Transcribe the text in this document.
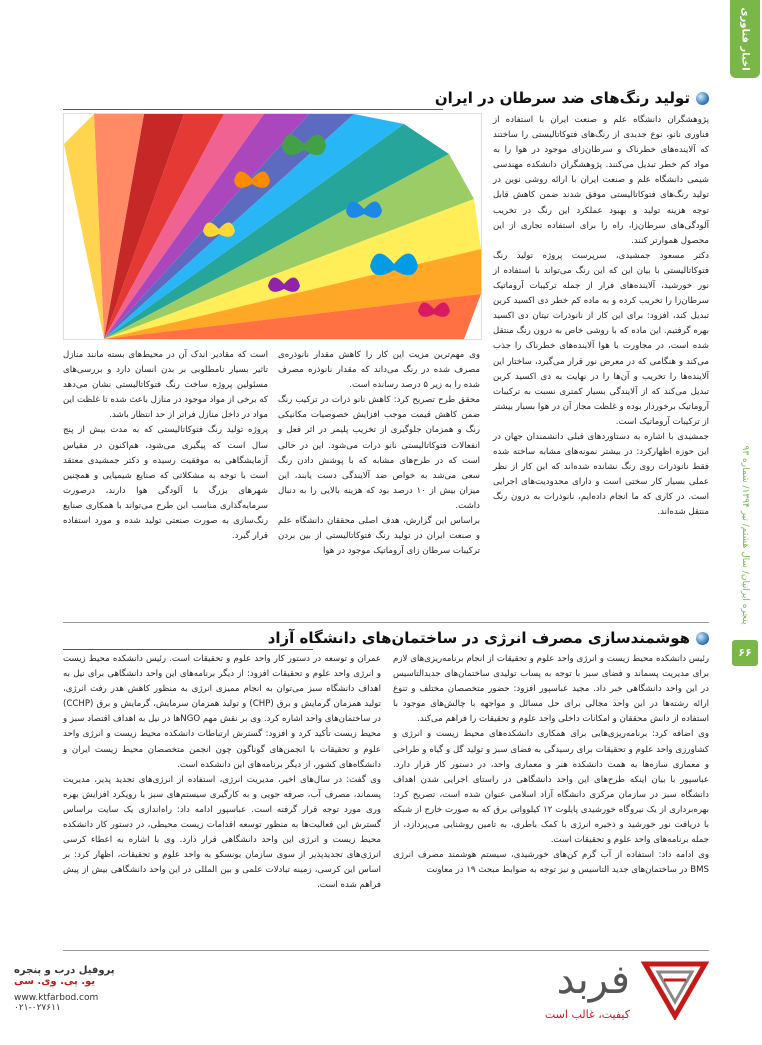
اخبار فناوری
پنجره ایرانیان/ سال هشتم/ تیر ۱۳۹۴/ شماره ۹۳
۶۶
تولید رنگ‌های ضد سرطان در ایران

پژوهشگران دانشگاه علم و صنعت ایران با استفاده از فناوری نانو، نوع جدیدی از رنگ‌های فتوکاتالیستی را ساختند که آلاینده‌های خطرناک و سرطان‌زای موجود در هوا را به مواد کم خطر تبدیل می‌کنند. پژوهشگران دانشکده مهندسی شیمی دانشگاه علم و صنعت ایران با ارائه روشی نوین در تولید رنگ‌های فتوکاتالیستی موفق شدند ضمن کاهش قابل توجه هزینه تولید و بهبود عملکرد این رنگ در تخریب آلودگی‌های سرطان‌زا، راه را برای استفاده تجاری از این محصول هموارتر کنند.

دکتر مسعود جمشیدی، سرپرست پروژه تولید رنگ فتوکاتالیستی با بیان این که این رنگ می‌تواند با استفاده از نور خورشید، آلاینده‌های فرار از جمله ترکیبات آروماتیک سرطان‌زا را تخریب کرده و به ماده کم خطر دی اکسید کربن تبدیل کند، افزود: برای این کار از نانوذرات تیتان دی اکسید بهره گرفتیم. این ماده که با روشی خاص به درون رنگ منتقل شده است، در مجاورت با هوا آلاینده‌های خطرناک را جذب می‌کند و هنگامی که در معرض نور قرار می‌گیرد، ساختار این آلاینده‌ها را تخریب و آن‌ها را در نهایت به دی اکسید کربن تبدیل می‌کند که از آلایندگی بسیار کمتری نسبت به ترکیبات آروماتیک برخوردار بوده و غلظت مجاز آن در هوا بسیار بیشتر از ترکیبات آروماتیک است.

جمشیدی با اشاره به دستاوردهای قبلی دانشمندان جهان در این حوزه اظهارکرد: در بیشتر نمونه‌های مشابه ساخته شده فقط نانوذرات روی رنگ نشانده شده‌اند که این کار از نظر عملی بسیار کار سختی است و دارای محدودیت‌های اجرایی است. در کاری که ما انجام داده‌ایم، نانوذرات به درون رنگ منتقل شده‌اند.

وی مهم‌ترین مزیت این کار را کاهش مقدار نانوذره‌ی مصرف شده در رنگ می‌داند که مقدار نانوذره مصرف شده را به زیر ۵ درصد رسانده است.

محقق طرح تصریح کرد: کاهش نانو ذرات در ترکیب رنگ ضمن کاهش قیمت موجب افزایش خصوصیات مکانیکی رنگ و همزمان جلوگیری از تخریب پلیمر در اثر فعل و انفعالات فتوکاتالیستی نانو ذرات می‌شود. این در حالی است که در طرح‌های مشابه که با پوشش دادن رنگ سعی می‌شد به خواص ضد آلایندگی دست یابند، این میزان بیش از ۱۰ درصد بود که هزینه بالایی را به دنبال داشت.

براساس این گزارش، هدف اصلی محققان دانشگاه علم و صنعت ایران در تولید رنگ فتوکاتالیستی از بین بردن ترکیبات سرطان زای آروماتیک موجود در هوا

است که مقادیر اندک آن در محیط‌های بسته مانند منازل تاثیر بسیار نامطلوبی بر بدن انسان دارد و بررسی‌های مسئولین پروژه ساخت رنگ فتوکاتالیستی نشان می‌دهد که برخی از مواد موجود در منازل باعث شده تا غلظت این مواد در داخل منازل فراتر از حد انتظار باشد.

پروژه تولید رنگ فتوکاتالیستی که به مدت بیش از پنج سال است که پیگیری می‌شود، هم‌اکنون در مقیاس آزمایشگاهی به موفقیت رسیده و دکتر جمشیدی معتقد است با توجه به مشکلاتی که صنایع شیمیایی و همچنین شهرهای بزرگ با آلودگی هوا دارند، درصورت سرمایه‌گذاری مناسب این طرح می‌تواند با همکاری صنایع رنگ‌سازی به صورت صنعتی تولید شده و مورد استفاده قرار گیرد.

هوشمندسازی مصرف انرژی در ساختمان‌های دانشگاه آزاد

رئیس دانشکده محیط زیست و انرژی واحد علوم و تحقیقات از انجام برنامه‌ریزی‌های لازم برای مدیریت پسماند و فضای سبز با توجه به پساب تولیدی ساختمان‌های جدیدالتاسیس در این واحد دانشگاهی خبر داد. مجید عباسپور افزود: حضور متخصصان مختلف و تنوع ارائه رشته‌ها در این واحد مجالی برای حل مسائل و مواجهه با چالش‌های موجود با استفاده از دانش محققان و امکانات داخلی واحد علوم و تحقیقات را فراهم می‌کند.

وی اضافه کرد: برنامه‌ریزی‌هایی برای همکاری دانشکده‌های محیط زیست و انرژی و کشاورزی واحد علوم و تحقیقات برای رسیدگی به فضای سبز و تولید گل و گیاه و طراحی و معماری سازه‌ها به همت دانشکده هنر و معماری واحد، در دستور کار قرار دارد. عباسپور با بیان اینکه طرح‌های این واحد دانشگاهی در راستای اجرایی شدن اهداف دانشگاه سبز در سازمان مرکزی دانشگاه آزاد اسلامی عنوان شده است، تصریح کرد: بهره‌برداری از یک نیروگاه خورشیدی پایلوت ۱۲ کیلوواتی برق که به صورت خارج از شبکه با دریافت نور خورشید و ذخیره انرژی با کمک باطری، به تامین روشنایی می‌پردازد، از جمله برنامه‌های واحد علوم و تحقیقات است.

وی ادامه داد: استفاده از آب گرم کن‌های خورشیدی، سیستم هوشمند مصرف انرژی BMS در ساختمان‌های جدید التاسیس و نیز توجه به ضوابط مبحث ۱۹ در معاونت

عمران و توسعه در دستور کار واحد علوم و تحقیقات است. رئیس دانشکده محیط زیست و انرژی واحد علوم و تحقیقات افزود: از دیگر برنامه‌های این واحد دانشگاهی برای نیل به اهداف دانشگاه سبز می‌توان به انجام ممیزی انرژی به منظور کاهش هدر رفت انرژی، تولید همزمان گرمایش و برق (CHP) و تولید همزمان سرمایش، گرمایش و برق (CCHP) در ساختمان‌های واحد اشاره کرد. وی بر نقش مهم NGOها در نیل به اهداف اقتصاد سبز و محیط زیست تأکید کرد و افزود: گسترش ارتباطات دانشکده محیط زیست و انرژی واحد علوم و تحقیقات با انجمن‌های گوناگون چون انجمن متخصصان محیط زیست ایران و دانشگاه‌های کشور، از دیگر برنامه‌های این دانشکده است.

وی گفت: در سال‌های اخیر، مدیریت انرژی، استفاده از انرژی‌های تجدید پذیر، مدیریت پسماند، مصرف آب، صرفه جویی و به کارگیری سیستم‌های سبز با رویکرد افزایش بهره وری مورد توجه قرار گرفته است. عباسپور ادامه داد: راه‌اندازی یک سایت براساس گسترش این فعالیت‌ها به منظور توسعه اقدامات زیست محیطی، در دستور کار دانشکده محیط زیست و انرژی این واحد دانشگاهی قرار دارد. وی با اشاره به اعطاء کرسی انرژی‌های تجدیدپذیر از سوی سازمان یونسکو به واحد علوم و تحقیقات، اظهار کرد: بر اساس این کرسی، زمینه تبادلات علمی و بین المللی در این واحد دانشگاهی بیش از پیش فراهم شده است.

پروفیل درب و پنجره
یو. پی. وی. سی
www.ktfarbod.com
۰۲۱-۰۲۷۶۱۱
فربد
کیفیت، غالب است
